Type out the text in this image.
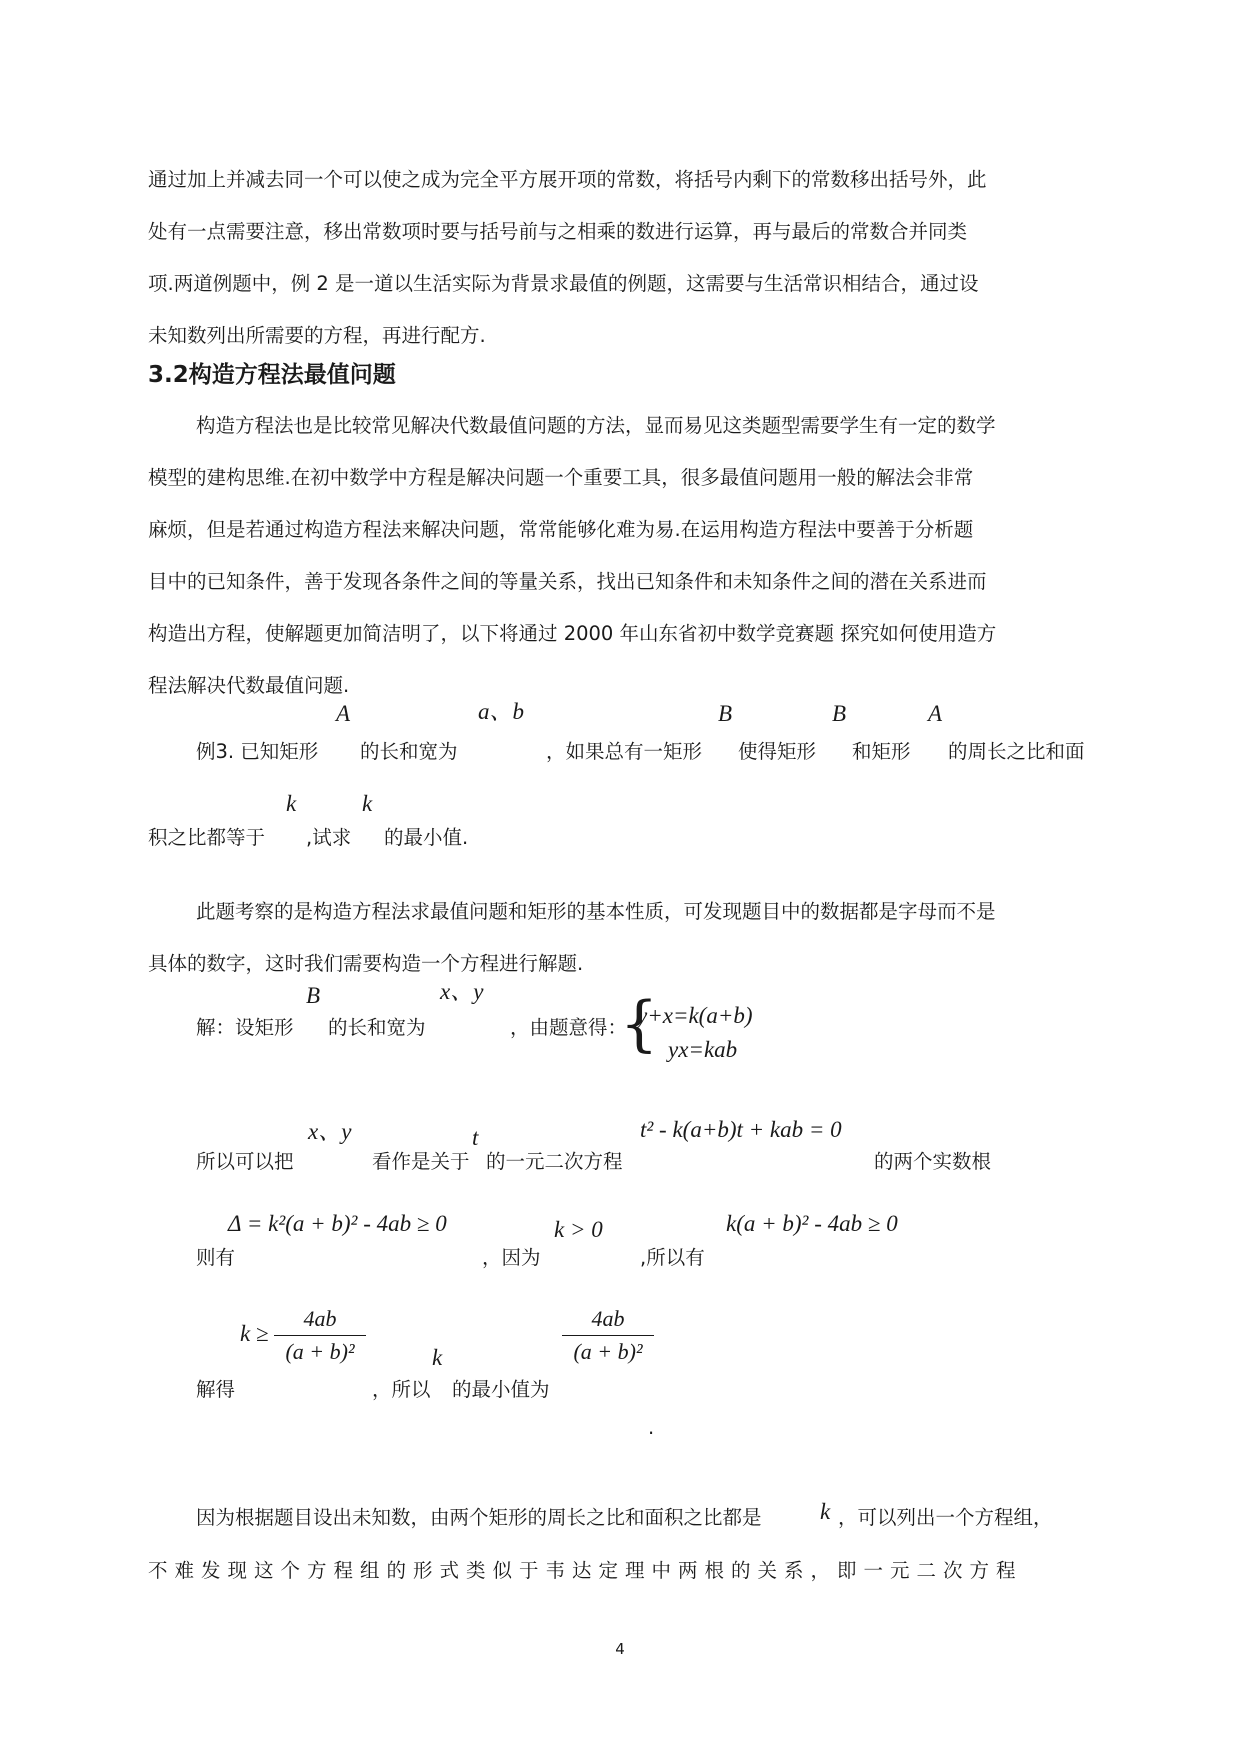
通过加上并减去同一个可以使之成为完全平方展开项的常数，将括号内剩下的常数移出括号外，此
处有一点需要注意，移出常数项时要与括号前与之相乘的数进行运算，再与最后的常数合并同类
项.两道例题中，例 2 是一道以生活实际为背景求最值的例题，这需要与生活常识相结合，通过设
未知数列出所需要的方程，再进行配方.
3.2构造方程法最值问题
构造方程法也是比较常见解决代数最值问题的方法，显而易见这类题型需要学生有一定的数学
模型的建构思维.在初中数学中方程是解决问题一个重要工具，很多最值问题用一般的解法会非常
麻烦，但是若通过构造方程法来解决问题，常常能够化难为易.在运用构造方程法中要善于分析题
目中的已知条件，善于发现各条件之间的等量关系，找出已知条件和未知条件之间的潜在关系进而
构造出方程，使解题更加简洁明了，以下将通过 2000 年山东省初中数学竞赛题 探究如何使用造方
程法解决代数最值问题.
例3. 已知矩形
A
的长和宽为
a、b
，如果总有一矩形
B
使得矩形
B
和矩形
A
的周长之比和面
积之比都等于
k
,试求
k
的最小值.
此题考察的是构造方程法求最值问题和矩形的基本性质，可发现题目中的数据都是字母而不是
具体的数字，这时我们需要构造一个方程进行解题.
解：设矩形
B
的长和宽为
x、y
，由题意得：
{
y+x=k(a+b)
yx=kab
所以可以把
x、y
看作是关于
t
的一元二次方程
t² - k(a+b)t + kab = 0
的两个实数根
则有
Δ = k²(a + b)² - 4ab ≥ 0
，因为
k > 0
,所以有
k(a + b)² - 4ab ≥ 0
解得
k ≥
4ab
(a + b)²
，所以
k
的最小值为
4ab
(a + b)²
.
因为根据题目设出未知数，由两个矩形的周长之比和面积之比都是	k ，可以列出一个方程组，
不 难 发 现 这 个 方 程 组 的 形 式 类 似 于 韦 达 定 理 中 两 根 的 关 系 ， 即 一 元 二 次 方 程
4
